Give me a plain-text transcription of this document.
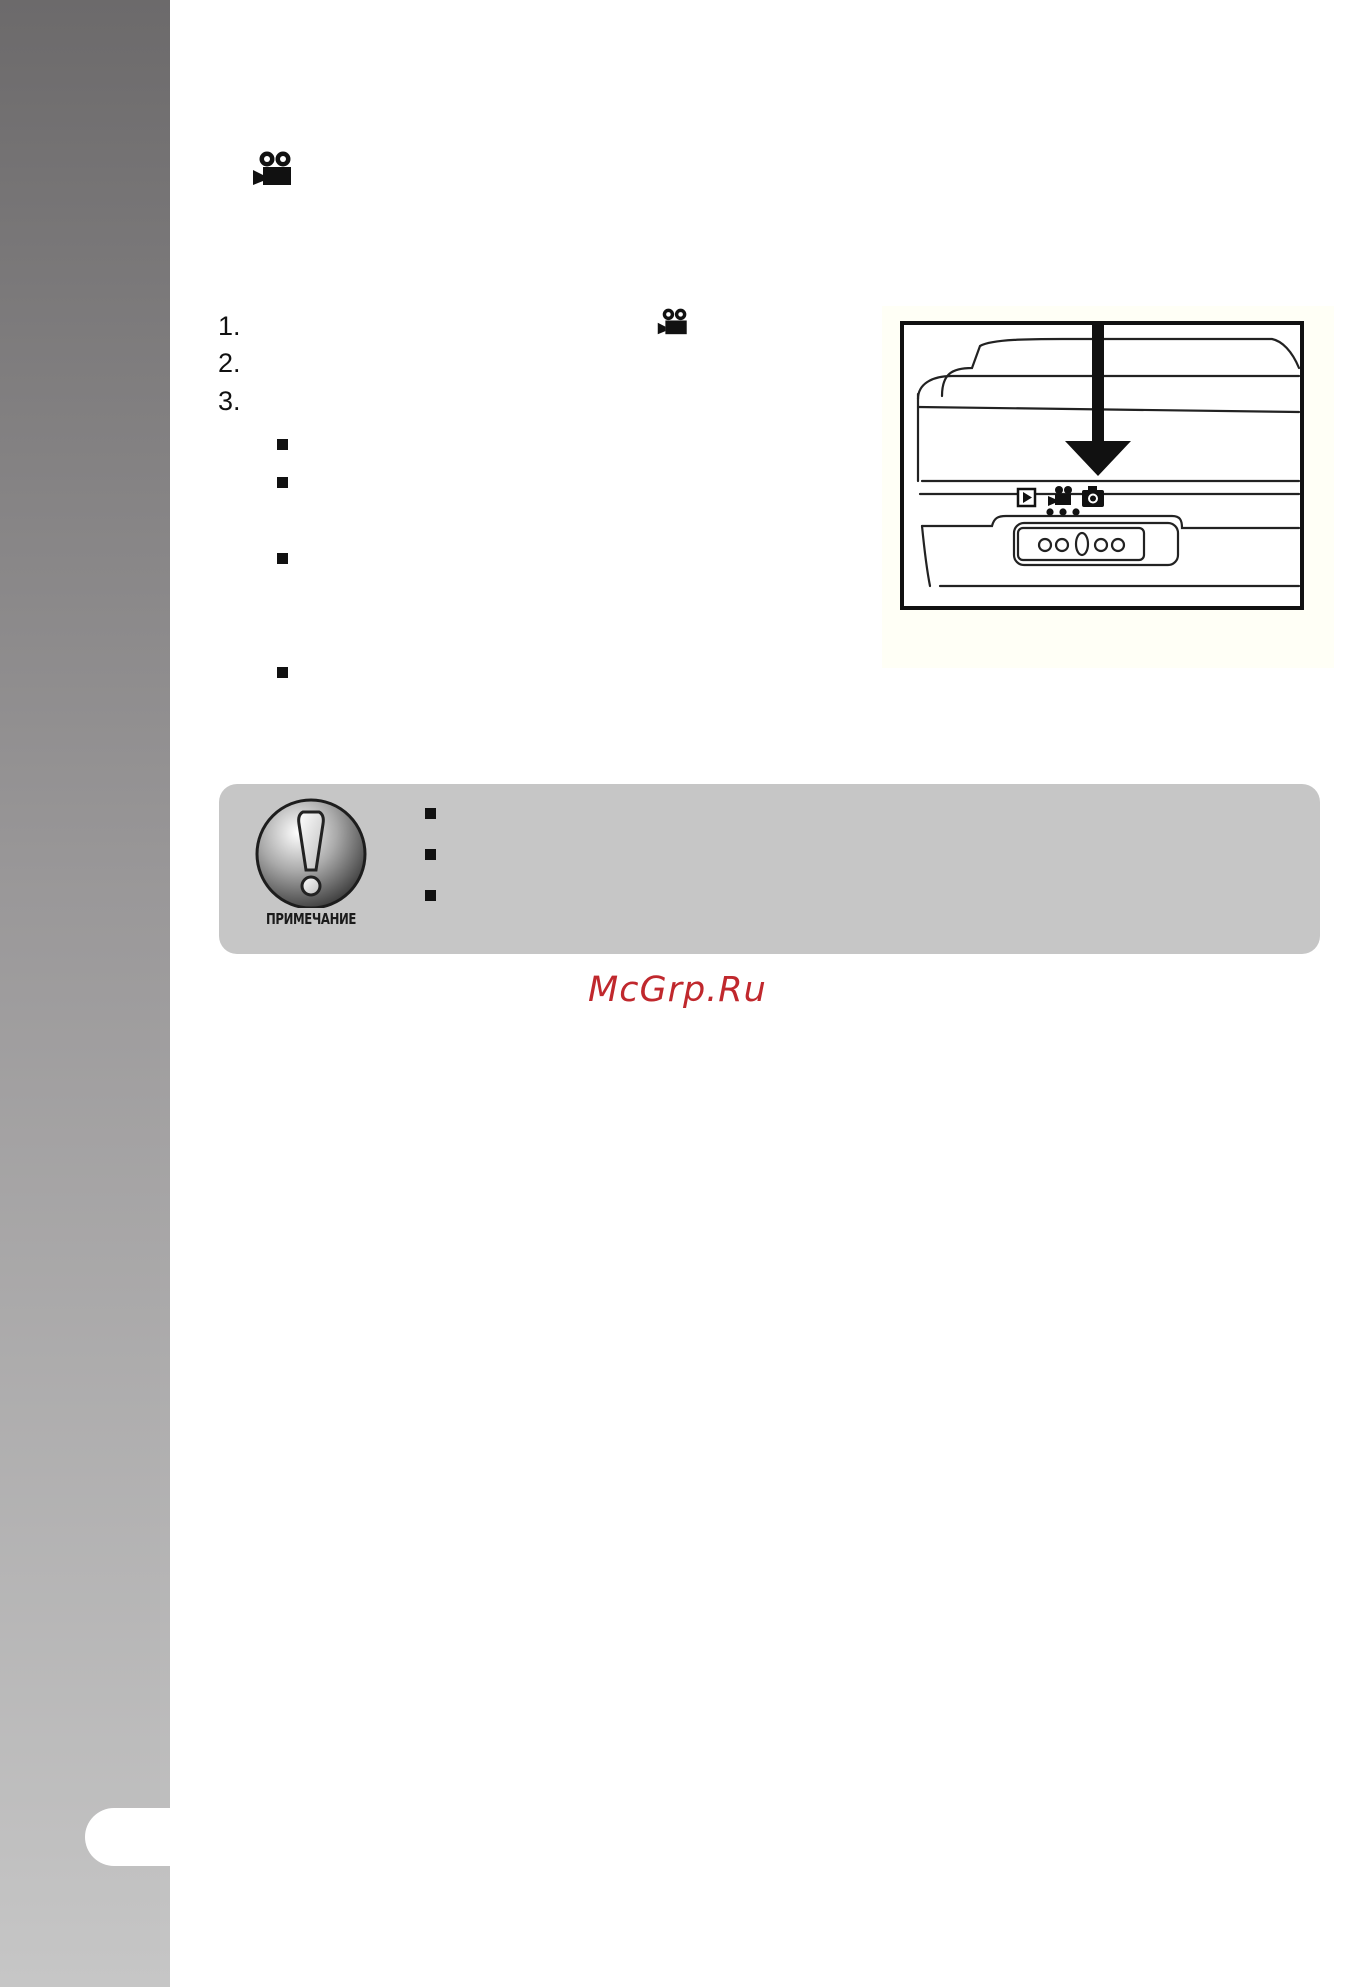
1.
2.
3.
ПРИМЕЧАНИЕ
McGrp.Ru
